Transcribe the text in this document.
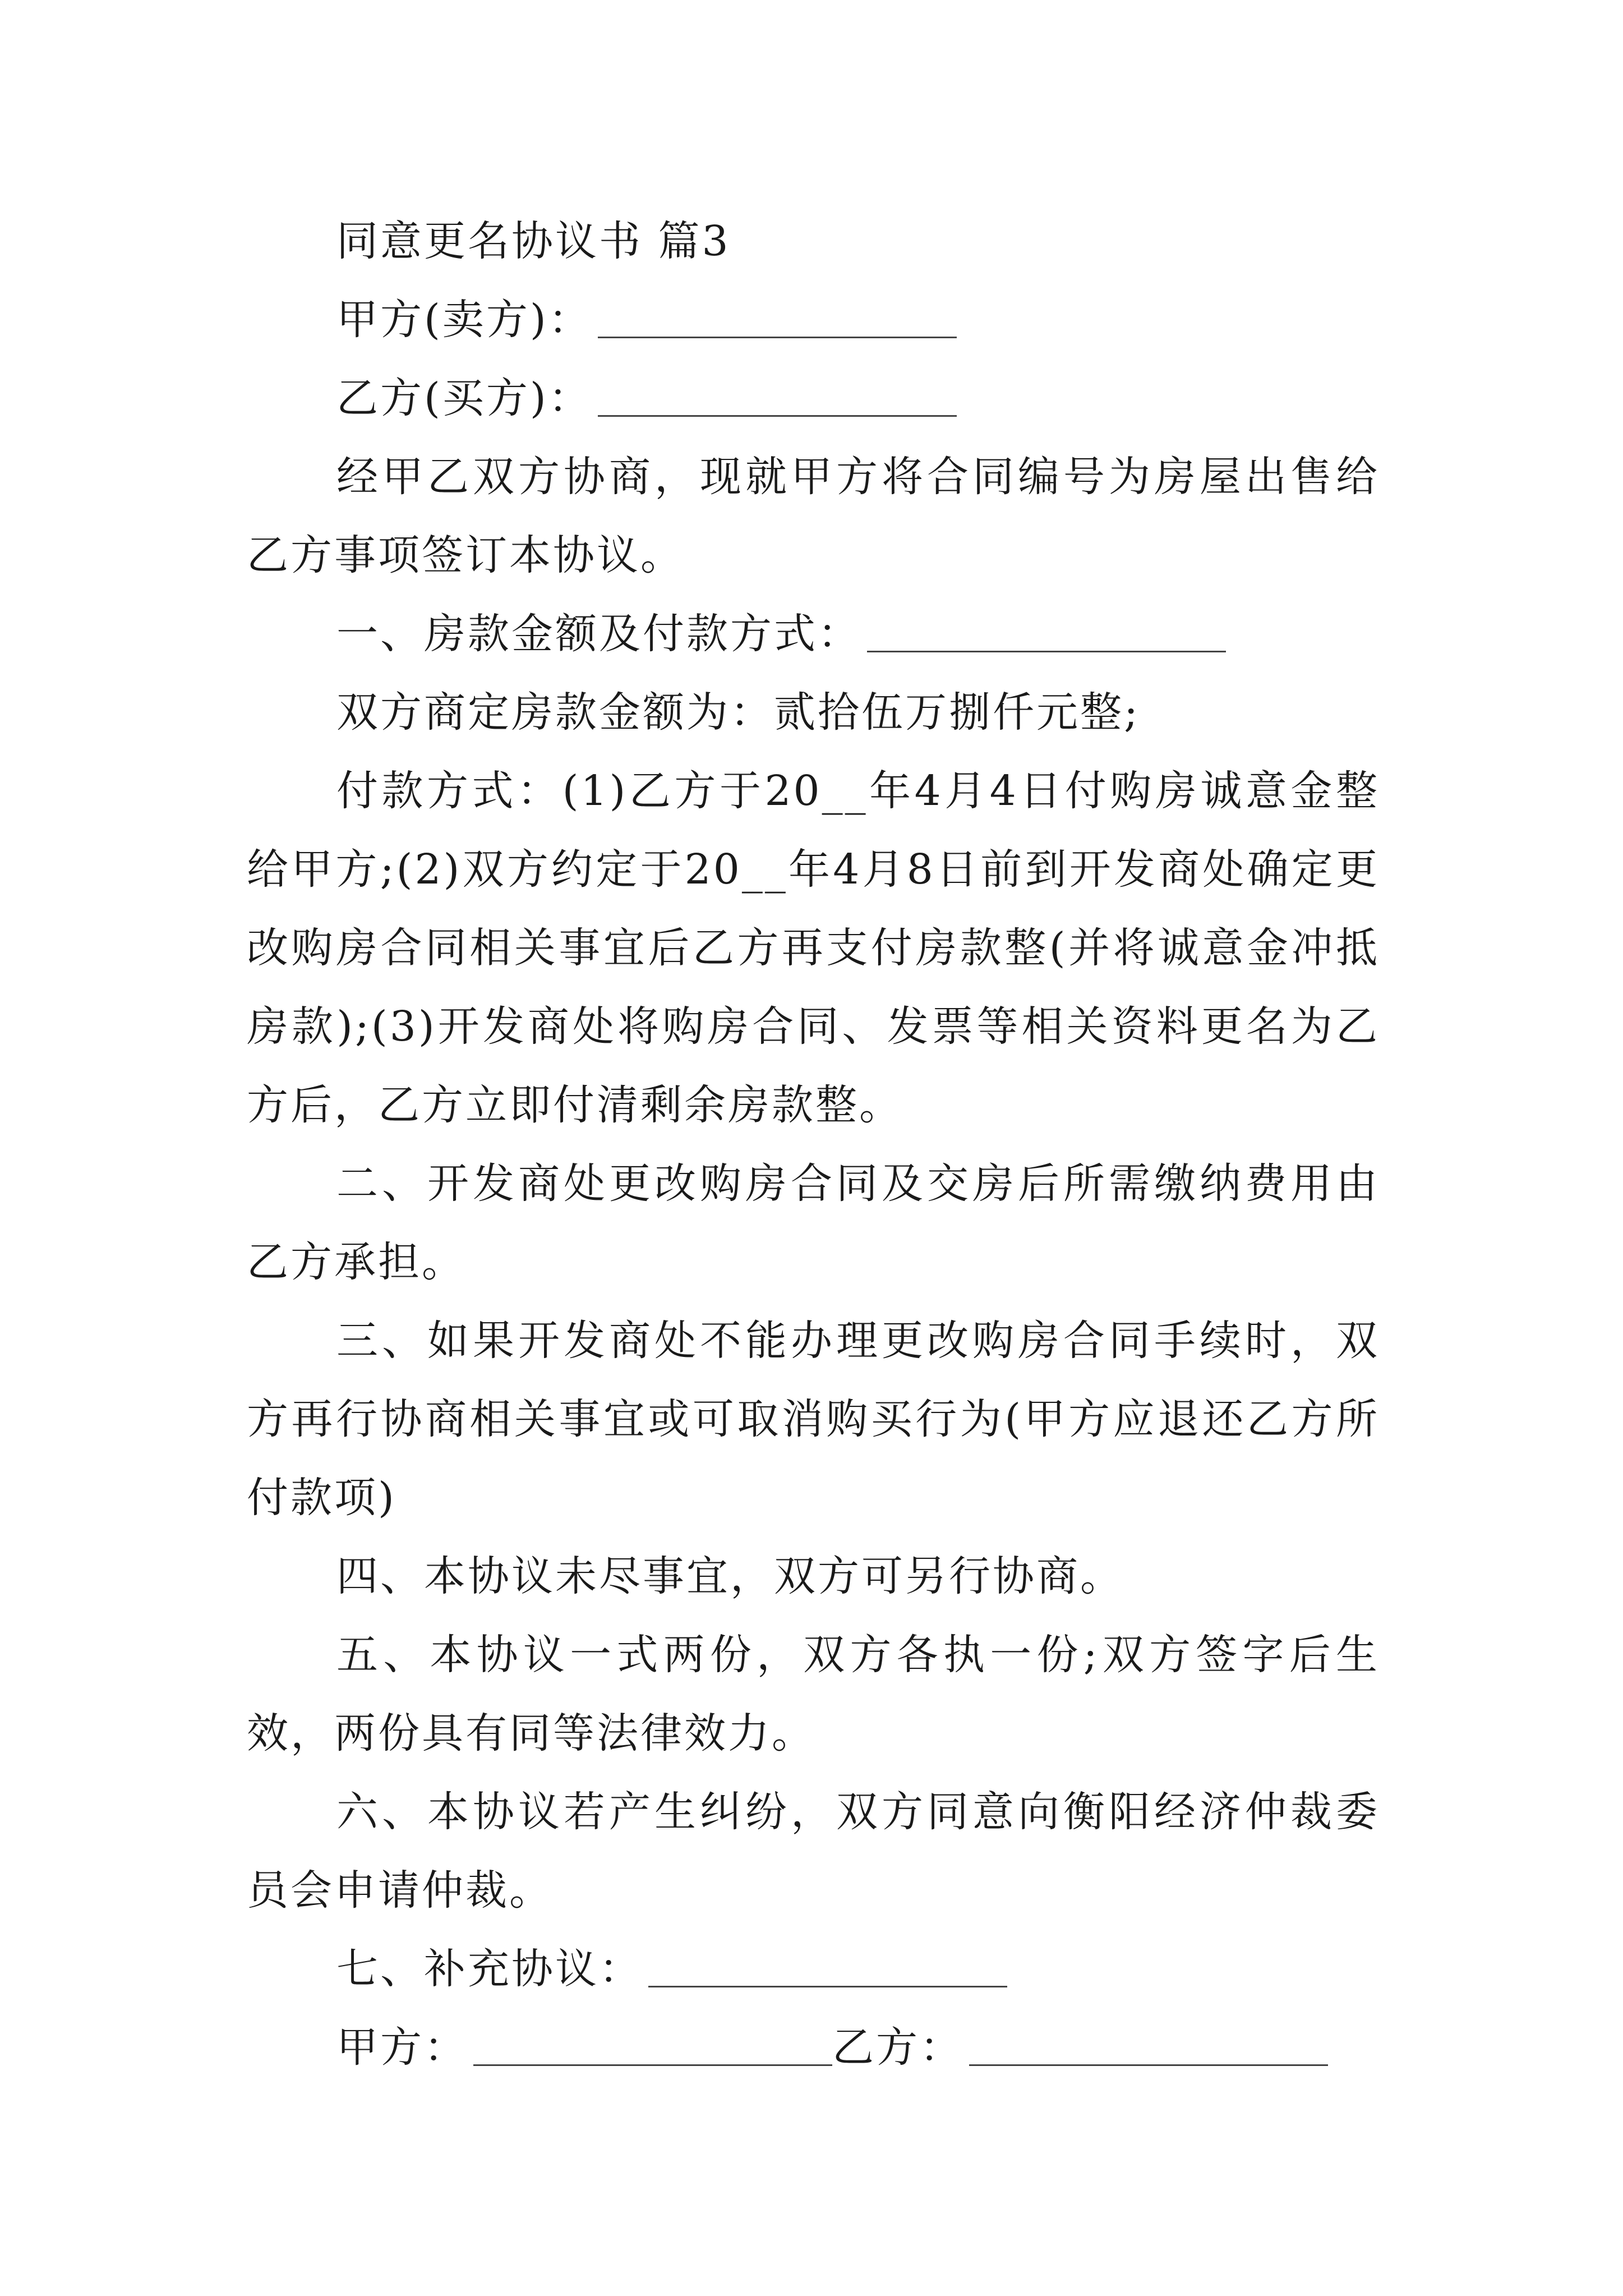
同意更名协议书 篇3
甲方(卖方)：
乙方(买方)：
经甲乙双方协商，现就甲方将合同编号为房屋出售给乙方事项签订本协议。
一、房款金额及付款方式：
双方商定房款金额为：贰拾伍万捌仟元整;
付款方式：(1)乙方于20__年4月4日付购房诚意金整给甲方;(2)双方约定于20__年4月8日前到开发商处确定更改购房合同相关事宜后乙方再支付房款整(并将诚意金冲抵房款);(3)开发商处将购房合同、发票等相关资料更名为乙方后，乙方立即付清剩余房款整。
二、开发商处更改购房合同及交房后所需缴纳费用由乙方承担。
三、如果开发商处不能办理更改购房合同手续时，双方再行协商相关事宜或可取消购买行为(甲方应退还乙方所付款项)
四、本协议未尽事宜，双方可另行协商。
五、本协议一式两份，双方各执一份;双方签字后生效，两份具有同等法律效力。
六、本协议若产生纠纷，双方同意向衡阳经济仲裁委员会申请仲裁。
七、补充协议：
甲方：	乙方：
